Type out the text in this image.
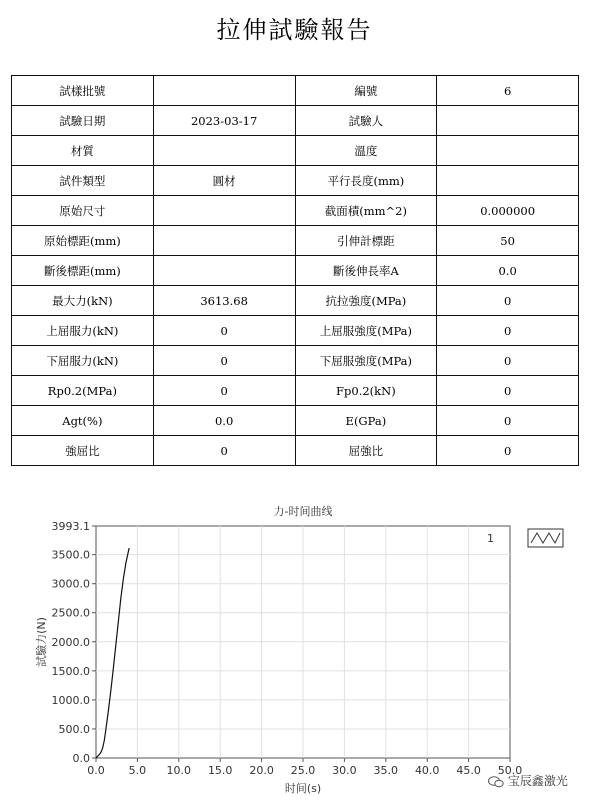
拉伸試驗報告
試樣批號		編號	6
試驗日期	2023-03-17	試驗人	
材質		溫度	
試件類型	圓材	平行長度(mm)	
原始尺寸		截面積(mm^2)	0.000000
原始標距(mm)		引伸計標距	50
斷後標距(mm)		斷後伸長率A	0.0
最大力(kN)	3613.68	抗拉強度(MPa)	0
上屈服力(kN)	0	上屈服強度(MPa)	0
下屈服力(kN)	0	下屈服強度(MPa)	0
Rp0.2(MPa)	0	Fp0.2(kN)	0
Agt(%)	0.0	E(GPa)	0
強屈比	0	屈強比	0
0.0 5.0 10.0 15.0 20.0 25.0 30.0 35.0 40.0 45.0 50.0
0.0
500.0
1000.0
1500.0
2000.0
2500.0
3000.0
3500.0
3993.1
力-时间曲线
时间(s)
試驗力(N)
1
宝辰鑫激光
